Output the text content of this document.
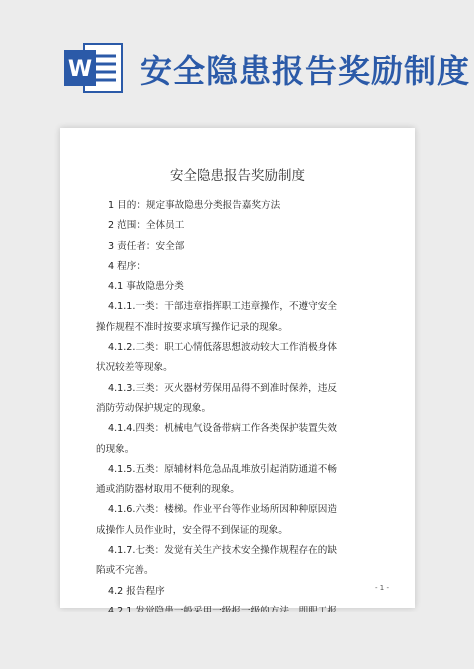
W 安全隐患报告奖励制度
安全隐患报告奖励制度
1 目的：规定事故隐患分类报告嘉奖方法
2 范围：全体员工
3 责任者：安全部
4 程序：
4.1 事故隐患分类
4.1.1.一类：干部违章指挥职工违章操作，不遵守安全
操作规程不准时按要求填写操作记录的现象。
4.1.2.二类：职工心情低落思想波动较大工作消极身体
状况较差等现象。
4.1.3.三类：灭火器材劳保用品得不到准时保养，违反
消防劳动保护规定的现象。
4.1.4.四类：机械电气设备带病工作各类保护装置失效
的现象。
4.1.5.五类：原辅材料危急品乱堆放引起消防通道不畅
通或消防器材取用不便利的现象。
4.1.6.六类：楼梯。作业平台等作业场所因种种原因造
成操作人员作业时，安全得不到保证的现象。
4.1.7.七类：发觉有关生产技术安全操作规程存在的缺
陷或不完善。
4.2 报告程序	- 1 -
